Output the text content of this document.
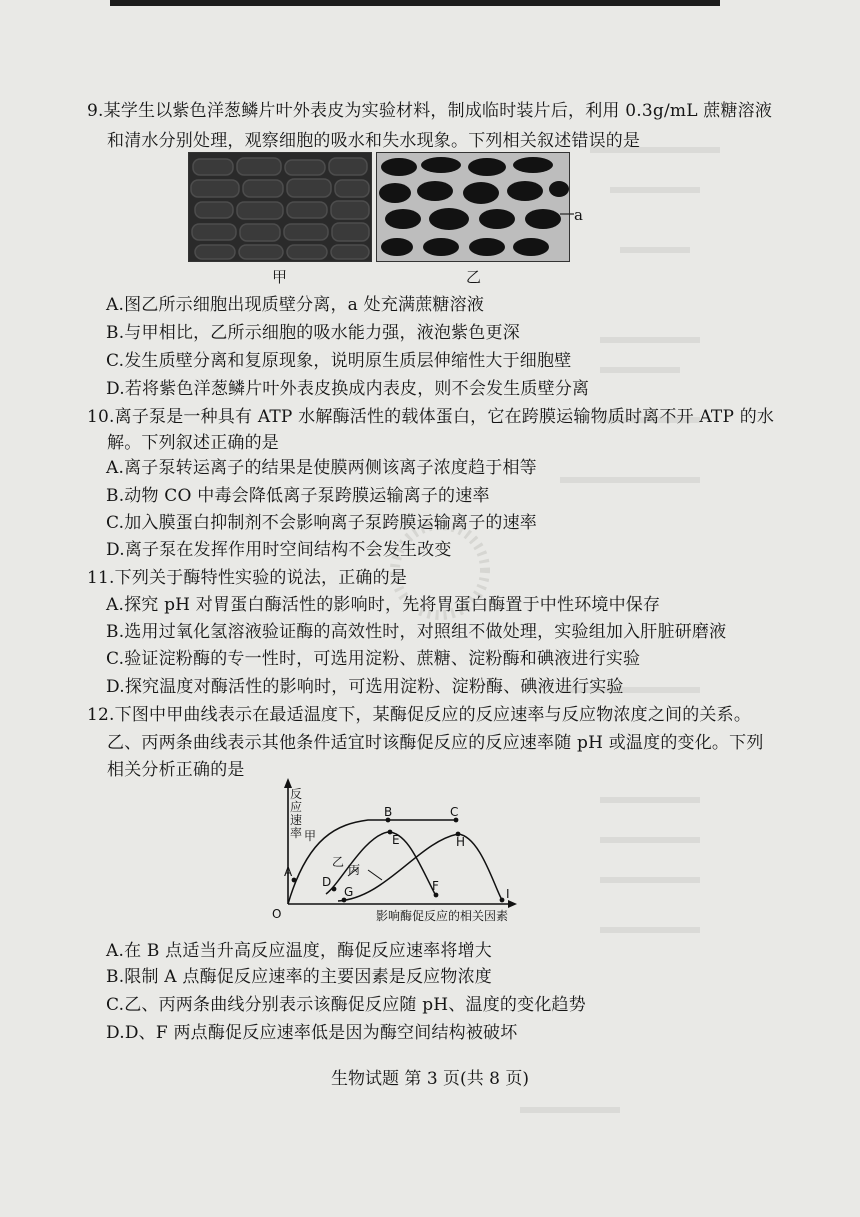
9.某学生以紫色洋葱鳞片叶外表皮为实验材料，制成临时装片后，利用 0.3g/mL 蔗糖溶液
和清水分别处理，观察细胞的吸水和失水现象。下列相关叙述错误的是
a
甲	乙
A.图乙所示细胞出现质壁分离，a 处充满蔗糖溶液
B.与甲相比，乙所示细胞的吸水能力强，液泡紫色更深
C.发生质壁分离和复原现象，说明原生质层伸缩性大于细胞壁
D.若将紫色洋葱鳞片叶外表皮换成内表皮，则不会发生质壁分离
10.离子泵是一种具有 ATP 水解酶活性的载体蛋白，它在跨膜运输物质时离不开 ATP 的水
解。下列叙述正确的是
A.离子泵转运离子的结果是使膜两侧该离子浓度趋于相等
B.动物 CO 中毒会降低离子泵跨膜运输离子的速率
C.加入膜蛋白抑制剂不会影响离子泵跨膜运输离子的速率
D.离子泵在发挥作用时空间结构不会发生改变
11.下列关于酶特性实验的说法，正确的是
A.探究 pH 对胃蛋白酶活性的影响时，先将胃蛋白酶置于中性环境中保存
B.选用过氧化氢溶液验证酶的高效性时，对照组不做处理，实验组加入肝脏研磨液
C.验证淀粉酶的专一性时，可选用淀粉、蔗糖、淀粉酶和碘液进行实验
D.探究温度对酶活性的影响时，可选用淀粉、淀粉酶、碘液进行实验
12.下图中甲曲线表示在最适温度下，某酶促反应的反应速率与反应物浓度之间的关系。
乙、丙两条曲线表示其他条件适宜时该酶促反应的反应速率随 pH 或温度的变化。下列
相关分析正确的是
O
A
B	C
D
E
F
G
H
I
甲
乙
丙
影响酶促反应的相关因素
反应速率
A.在 B 点适当升高反应温度，酶促反应速率将增大
B.限制 A 点酶促反应速率的主要因素是反应物浓度
C.乙、丙两条曲线分别表示该酶促反应随 pH、温度的变化趋势
D.D、F 两点酶促反应速率低是因为酶空间结构被破坏
生物试题 第 3 页(共 8 页)
